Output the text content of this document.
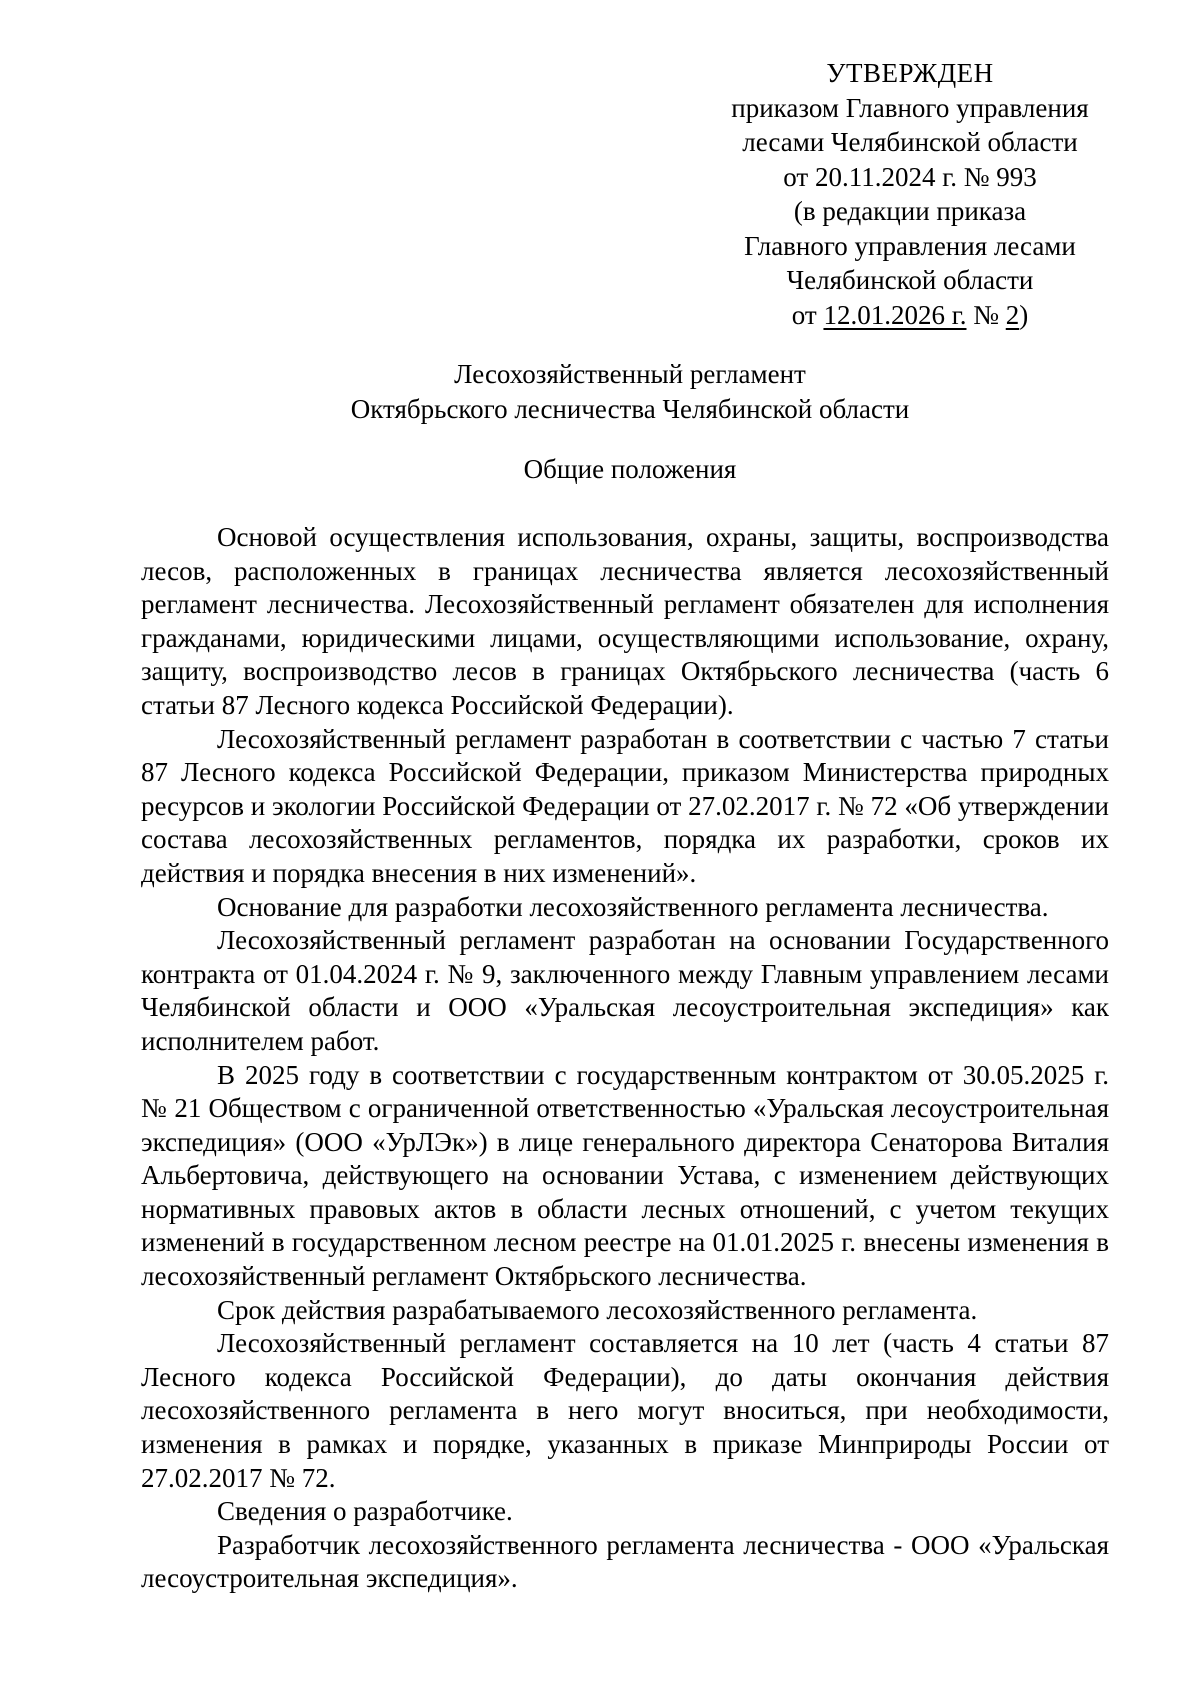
УТВЕРЖДЕН
приказом Главного управления
лесами Челябинской области
от 20.11.2024 г. № 993
(в редакции приказа
Главного управления лесами
Челябинской области
от 12.01.2026 г. № 2)
Лесохозяйственный регламент
Октябрьского лесничества Челябинской области
Общие положения

Основой осуществления использования, охраны, защиты, воспроизводства лесов, расположенных в границах лесничества является лесохозяйственный регламент лесничества. Лесохозяйственный регламент обязателен для исполнения гражданами, юридическими лицами, осуществляющими использование, охрану, защиту, воспроизводство лесов в границах Октябрьского лесничества (часть 6 статьи 87 Лесного кодекса Российской Федерации).

Лесохозяйственный регламент разработан в соответствии с частью 7 статьи 87 Лесного кодекса Российской Федерации, приказом Министерства природных ресурсов и экологии Российской Федерации от 27.02.2017 г. № 72 «Об утверждении состава лесохозяйственных регламентов, порядка их разработки, сроков их действия и порядка внесения в них изменений».

Основание для разработки лесохозяйственного регламента лесничества.

Лесохозяйственный регламент разработан на основании Государственного контракта от 01.04.2024 г. № 9, заключенного между Главным управлением лесами Челябинской области и ООО «Уральская лесоустроительная экспедиция» как исполнителем работ.

В 2025 году в соответствии с государственным контрактом от 30.05.2025 г. № 21 Обществом с ограниченной ответственностью «Уральская лесоустроительная экспедиция» (ООО «УрЛЭк») в лице генерального директора Сенаторова Виталия Альбертовича, действующего на основании Устава, с изменением действующих нормативных правовых актов в области лесных отношений, с учетом текущих изменений в государственном лесном реестре на 01.01.2025 г. внесены изменения в лесохозяйственный регламент Октябрьского лесничества.

Срок действия разрабатываемого лесохозяйственного регламента.

Лесохозяйственный регламент составляется на 10 лет (часть 4 статьи 87 Лесного кодекса Российской Федерации), до даты окончания действия лесохозяйственного регламента в него могут вноситься, при необходимости, изменения в рамках и порядке, указанных в приказе Минприроды России от 27.02.2017 № 72.

Сведения о разработчике.

Разработчик лесохозяйственного регламента лесничества - ООО «Уральская лесоустроительная экспедиция».
